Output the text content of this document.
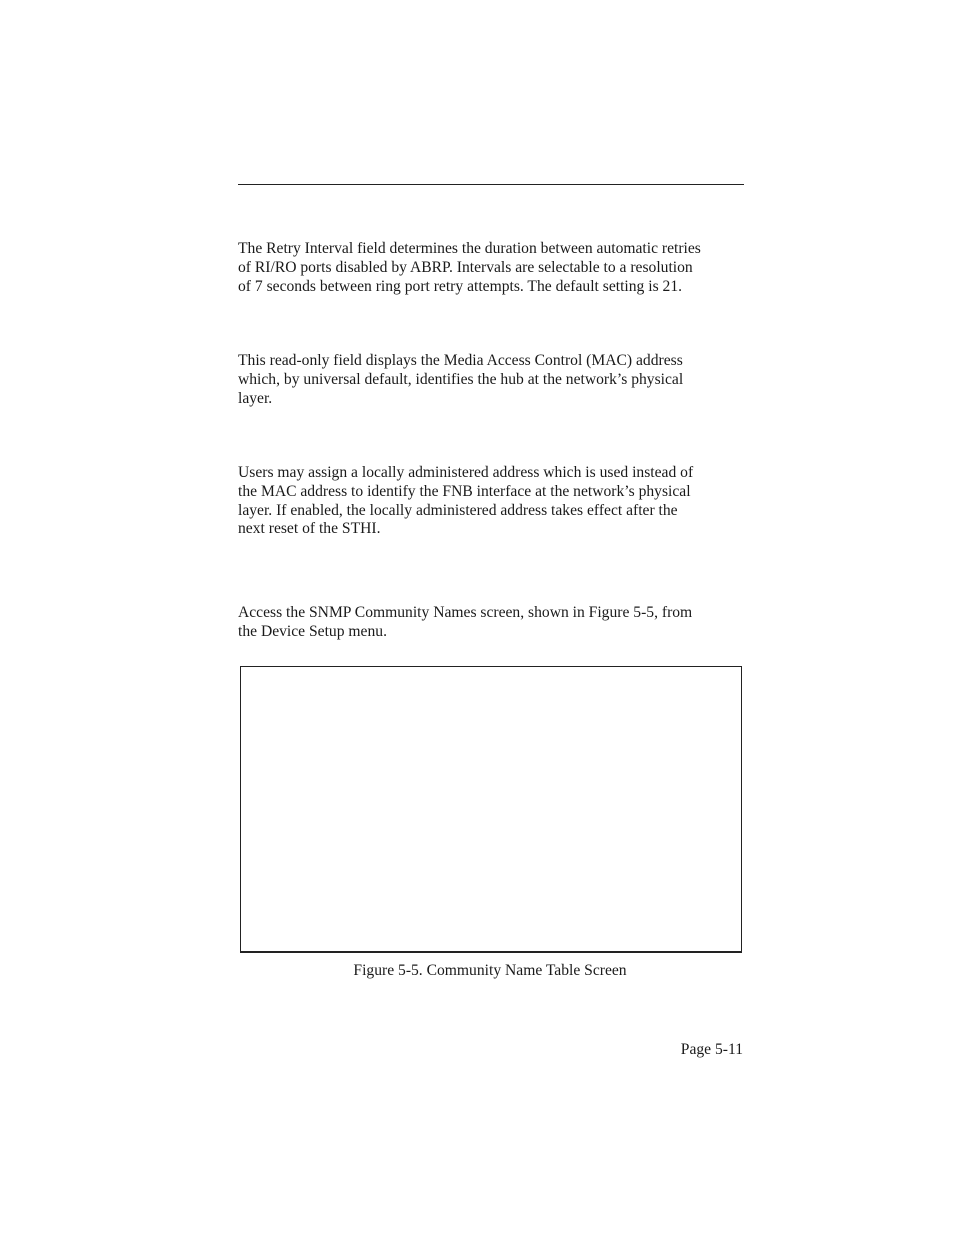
The Retry Interval field determines the duration between automatic retries
of RI/RO ports disabled by ABRP. Intervals are selectable to a resolution
of 7 seconds between ring port retry attempts. The default setting is 21.

This read-only field displays the Media Access Control (MAC) address
which, by universal default, identifies the hub at the network’s physical
layer.

Users may assign a locally administered address which is used instead of
the MAC address to identify the FNB interface at the network’s physical
layer. If enabled, the locally administered address takes effect after the
next reset of the STHI.

Access the SNMP Community Names screen, shown in Figure 5-5, from
the Device Setup menu.

Figure 5-5. Community Name Table Screen

Page 5-11
